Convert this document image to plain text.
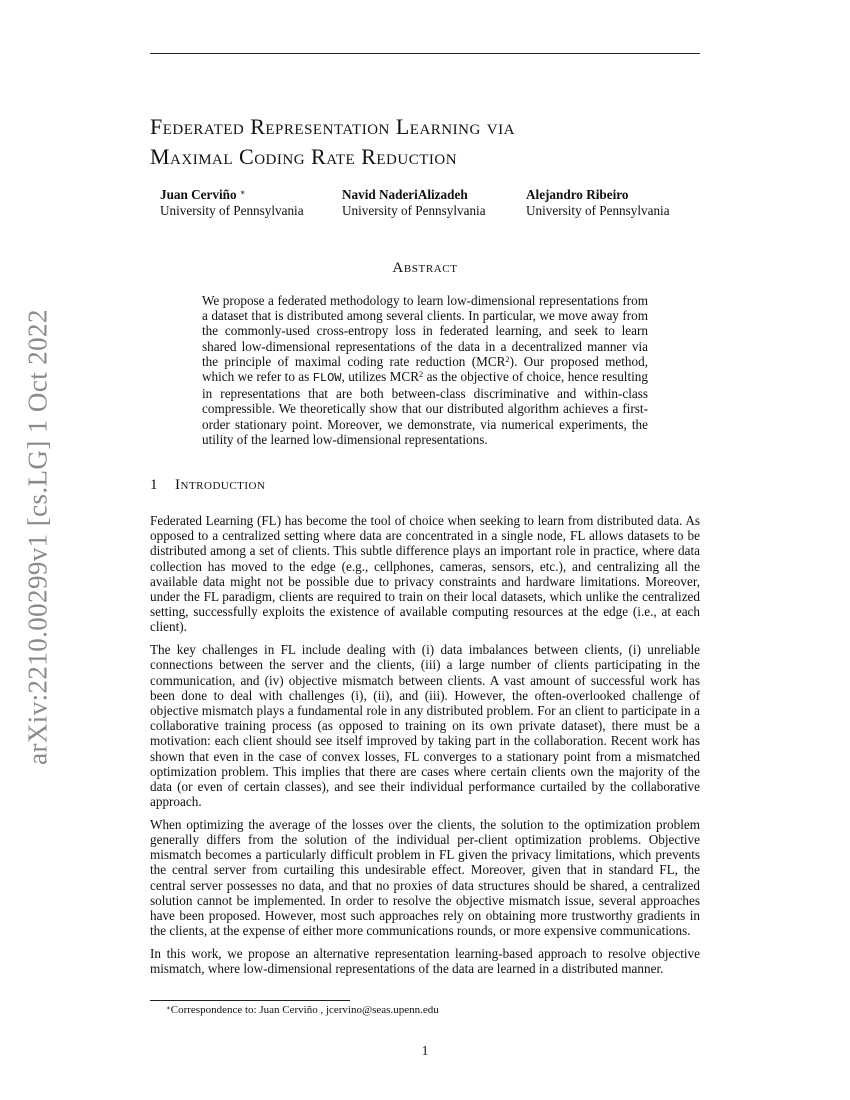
arXiv:2210.00299v1 [cs.LG] 1 Oct 2022
Federated Representation Learning via
Maximal Coding Rate Reduction
Juan Cerviño ∗
University of Pennsylvania
Navid NaderiAlizadeh
University of Pennsylvania
Alejandro Ribeiro
University of Pennsylvania
Abstract
We propose a federated methodology to learn low-dimensional representations from a dataset that is distributed among several clients. In particular, we move away from the commonly-used cross-entropy loss in federated learning, and seek to learn shared low-dimensional representations of the data in a decentralized manner via the principle of maximal coding rate reduction (MCR$^2$). Our proposed method, which we refer to as FLOW, utilizes MCR$^2$ as the objective of choice, hence resulting in representations that are both between-class discriminative and within-class compressible. We theoretically show that our distributed algorithm achieves a first-order stationary point. Moreover, we demonstrate, via numerical experiments, the utility of the learned low-dimensional representations.
1 Introduction

Federated Learning (FL) has become the tool of choice when seeking to learn from distributed data. As opposed to a centralized setting where data are concentrated in a single node, FL allows datasets to be distributed among a set of clients. This subtle difference plays an important role in practice, where data collection has moved to the edge (e.g., cellphones, cameras, sensors, etc.), and centralizing all the available data might not be possible due to privacy constraints and hardware limitations. Moreover, under the FL paradigm, clients are required to train on their local datasets, which unlike the centralized setting, successfully exploits the existence of available computing resources at the edge (i.e., at each client).

The key challenges in FL include dealing with (i) data imbalances between clients, (i) unreliable connections between the server and the clients, (iii) a large number of clients participating in the communication, and (iv) objective mismatch between clients. A vast amount of successful work has been done to deal with challenges (i), (ii), and (iii). However, the often-overlooked challenge of objective mismatch plays a fundamental role in any distributed problem. For an client to participate in a collaborative training process (as opposed to training on its own private dataset), there must be a motivation: each client should see itself improved by taking part in the collaboration. Recent work has shown that even in the case of convex losses, FL converges to a stationary point from a mismatched optimization problem. This implies that there are cases where certain clients own the majority of the data (or even of certain classes), and see their individual performance curtailed by the collaborative approach.

When optimizing the average of the losses over the clients, the solution to the optimization problem generally differs from the solution of the individual per-client optimization problems. Objective mismatch becomes a particularly difficult problem in FL given the privacy limitations, which prevents the central server from curtailing this undesirable effect. Moreover, given that in standard FL, the central server possesses no data, and that no proxies of data structures should be shared, a centralized solution cannot be implemented. In order to resolve the objective mismatch issue, several approaches have been proposed. However, most such approaches rely on obtaining more trustworthy gradients in the clients, at the expense of either more communications rounds, or more expensive communications.

In this work, we propose an alternative representation learning-based approach to resolve objective mismatch, where low-dimensional representations of the data are learned in a distributed manner.

∗Correspondence to: Juan Cerviño , jcervino@seas.upenn.edu
1
